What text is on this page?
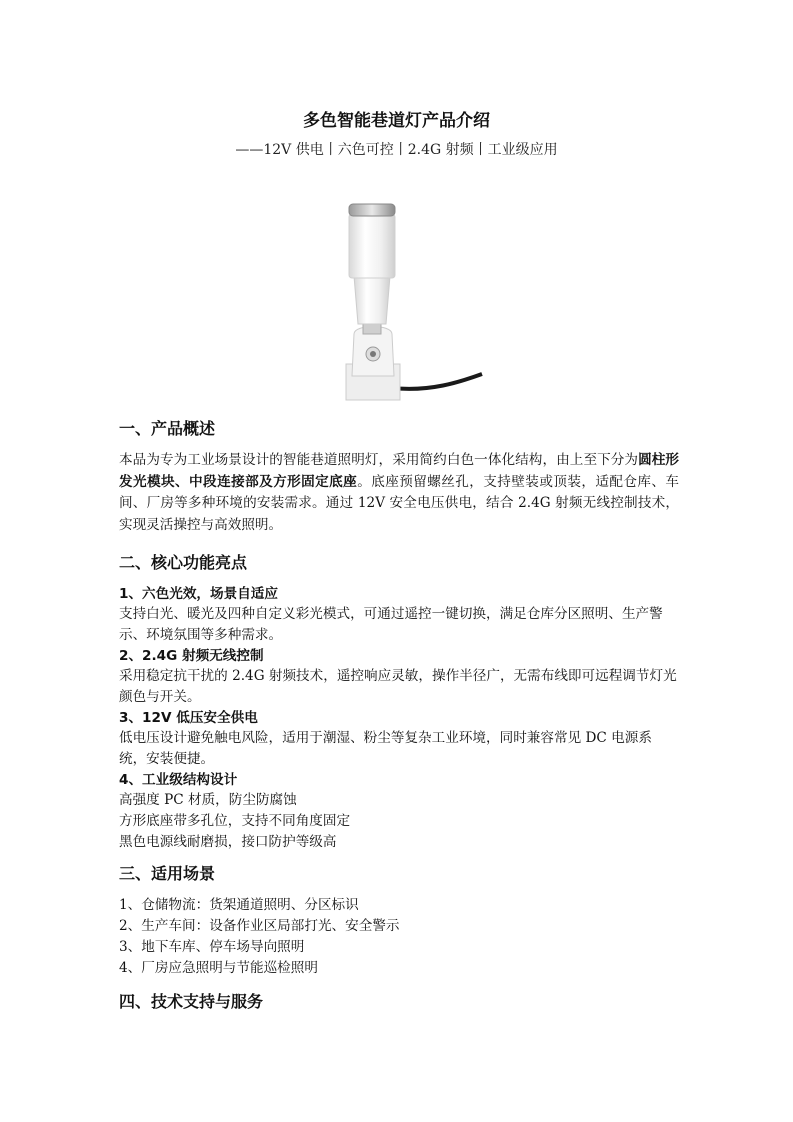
多色智能巷道灯产品介绍
——12V 供电丨六色可控丨2.4G 射频丨工业级应用
一、产品概述

本品为专为工业场景设计的智能巷道照明灯，采用简约白色一体化结构，由上至下分为圆柱形发光模块、中段连接部及方形固定底座。底座预留螺丝孔，支持壁装或顶装，适配仓库、车间、厂房等多种环境的安装需求。通过 12V 安全电压供电，结合 2.4G 射频无线控制技术，实现灵活操控与高效照明。

二、核心功能亮点
1、六色光效，场景自适应

支持白光、暖光及四种自定义彩光模式，可通过遥控一键切换，满足仓库分区照明、生产警示、环境氛围等多种需求。

2、2.4G 射频无线控制

采用稳定抗干扰的 2.4G 射频技术，遥控响应灵敏，操作半径广，无需布线即可远程调节灯光颜色与开关。

3、12V 低压安全供电

低电压设计避免触电风险，适用于潮湿、粉尘等复杂工业环境，同时兼容常见 DC 电源系统，安装便捷。

4、工业级结构设计

高强度 PC 材质，防尘防腐蚀

方形底座带多孔位，支持不同角度固定

黑色电源线耐磨损，接口防护等级高

三、适用场景

1、仓储物流：货架通道照明、分区标识

2、生产车间：设备作业区局部打光、安全警示

3、地下车库、停车场导向照明

4、厂房应急照明与节能巡检照明

四、技术支持与服务
